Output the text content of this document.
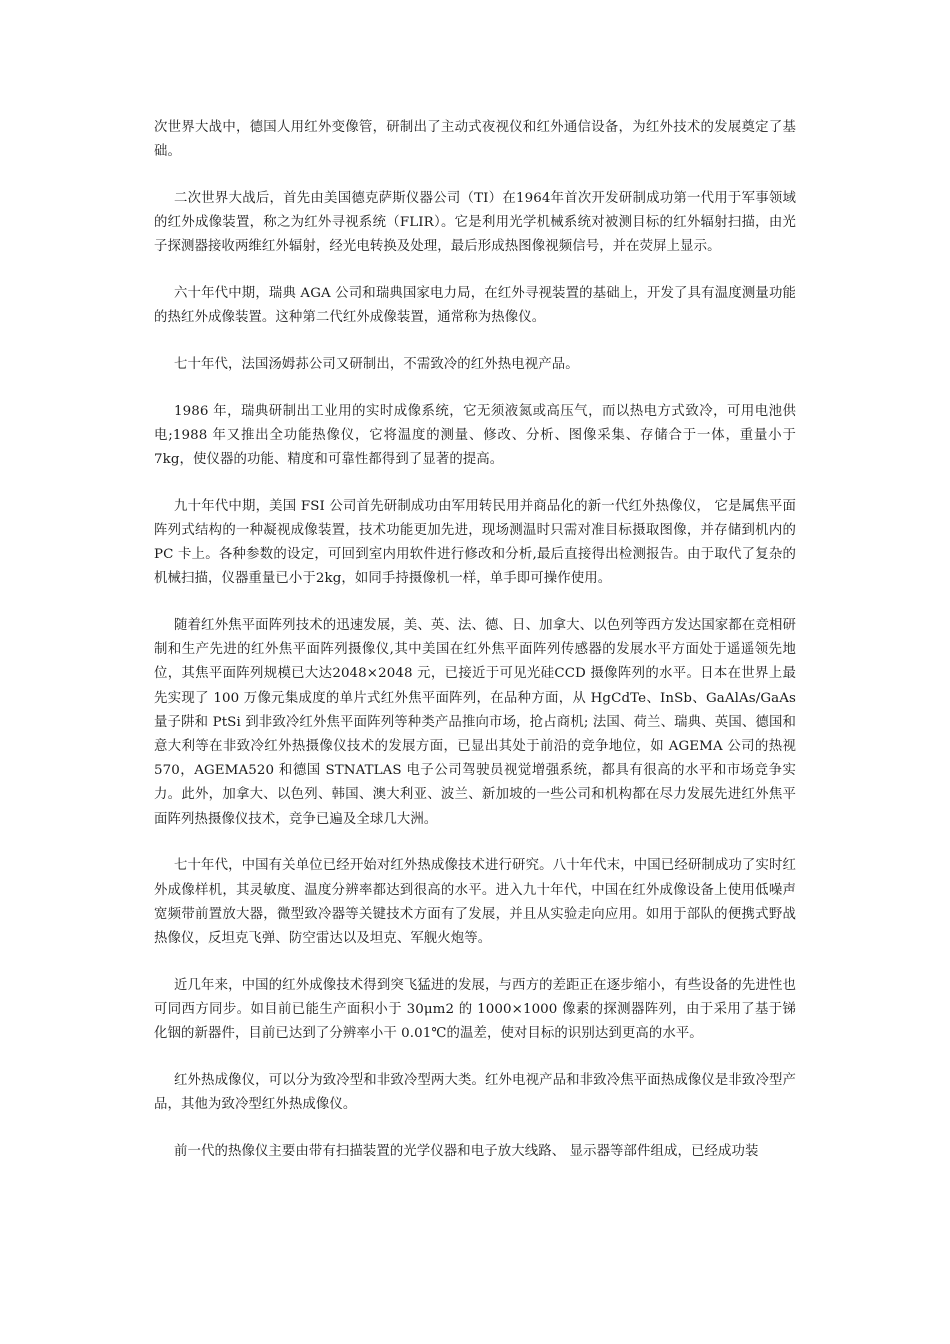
次世界大战中，德国人用红外变像管，研制出了主动式夜视仪和红外通信设备，为红外技术的发展奠定了基础。

二次世界大战后，首先由美国德克萨斯仪器公司（TI）在1964年首次开发研制成功第一代用于军事领域的红外成像装置，称之为红外寻视系统（FLIR）。它是利用光学机械系统对被测目标的红外辐射扫描，由光子探测器接收两维红外辐射，经光电转换及处理，最后形成热图像视频信号，并在荧屏上显示。

六十年代中期，瑞典 AGA 公司和瑞典国家电力局，在红外寻视装置的基础上，开发了具有温度测量功能的热红外成像装置。这种第二代红外成像装置，通常称为热像仪。

七十年代，法国汤姆荪公司又研制出，不需致冷的红外热电视产品。

1986 年，瑞典研制出工业用的实时成像系统，它无须液氮或高压气，而以热电方式致冷，可用电池供电;1988 年又推出全功能热像仪，它将温度的测量、修改、分析、图像采集、存储合于一体，重量小于 7kg，使仪器的功能、精度和可靠性都得到了显著的提高。

九十年代中期，美国 FSI 公司首先研制成功由军用转民用并商品化的新一代红外热像仪， 它是属焦平面阵列式结构的一种凝视成像装置，技术功能更加先进，现场测温时只需对准目标摄取图像，并存储到机内的 PC 卡上。各种参数的设定，可回到室内用软件进行修改和分析,最后直接得出检测报告。由于取代了复杂的机械扫描，仪器重量已小于2kg，如同手持摄像机一样，单手即可操作使用。

随着红外焦平面阵列技术的迅速发展，美、英、法、德、日、加拿大、以色列等西方发达国家都在竞相研制和生产先进的红外焦平面阵列摄像仪,其中美国在红外焦平面阵列传感器的发展水平方面处于遥遥领先地位，其焦平面阵列规模已大达2048×2048 元，已接近于可见光硅CCD 摄像阵列的水平。日本在世界上最先实现了 100 万像元集成度的单片式红外焦平面阵列，在品种方面，从 HgCdTe、InSb、GaAlAs/GaAs 量子阱和 PtSi 到非致冷红外焦平面阵列等种类产品推向市场，抢占商机; 法国、荷兰、瑞典、英国、德国和意大利等在非致冷红外热摄像仪技术的发展方面，已显出其处于前沿的竞争地位，如 AGEMA 公司的热视 570，AGEMA520 和德国 STNATLAS 电子公司驾驶员视觉增强系统，都具有很高的水平和市场竞争实力。此外，加拿大、以色列、韩国、澳大利亚、波兰、新加坡的一些公司和机构都在尽力发展先进红外焦平面阵列热摄像仪技术，竞争已遍及全球几大洲。

七十年代，中国有关单位已经开始对红外热成像技术进行研究。八十年代末，中国已经研制成功了实时红外成像样机，其灵敏度、温度分辨率都达到很高的水平。进入九十年代，中国在红外成像设备上使用低噪声宽频带前置放大器，微型致冷器等关键技术方面有了发展，并且从实验走向应用。如用于部队的便携式野战热像仪，反坦克飞弹、防空雷达以及坦克、军舰火炮等。

近几年来，中国的红外成像技术得到突飞猛进的发展，与西方的差距正在逐步缩小，有些设备的先进性也可同西方同步。如目前已能生产面积小于 30μm2 的 1000×1000 像素的探测器阵列，由于采用了基于锑化铟的新器件，目前已达到了分辨率小干 0.01℃的温差，使对目标的识别达到更高的水平。

红外热成像仪，可以分为致冷型和非致冷型两大类。红外电视产品和非致冷焦平面热成像仪是非致冷型产品，其他为致冷型红外热成像仪。

前一代的热像仪主要由带有扫描装置的光学仪器和电子放大线路、 显示器等部件组成，已经成功装
